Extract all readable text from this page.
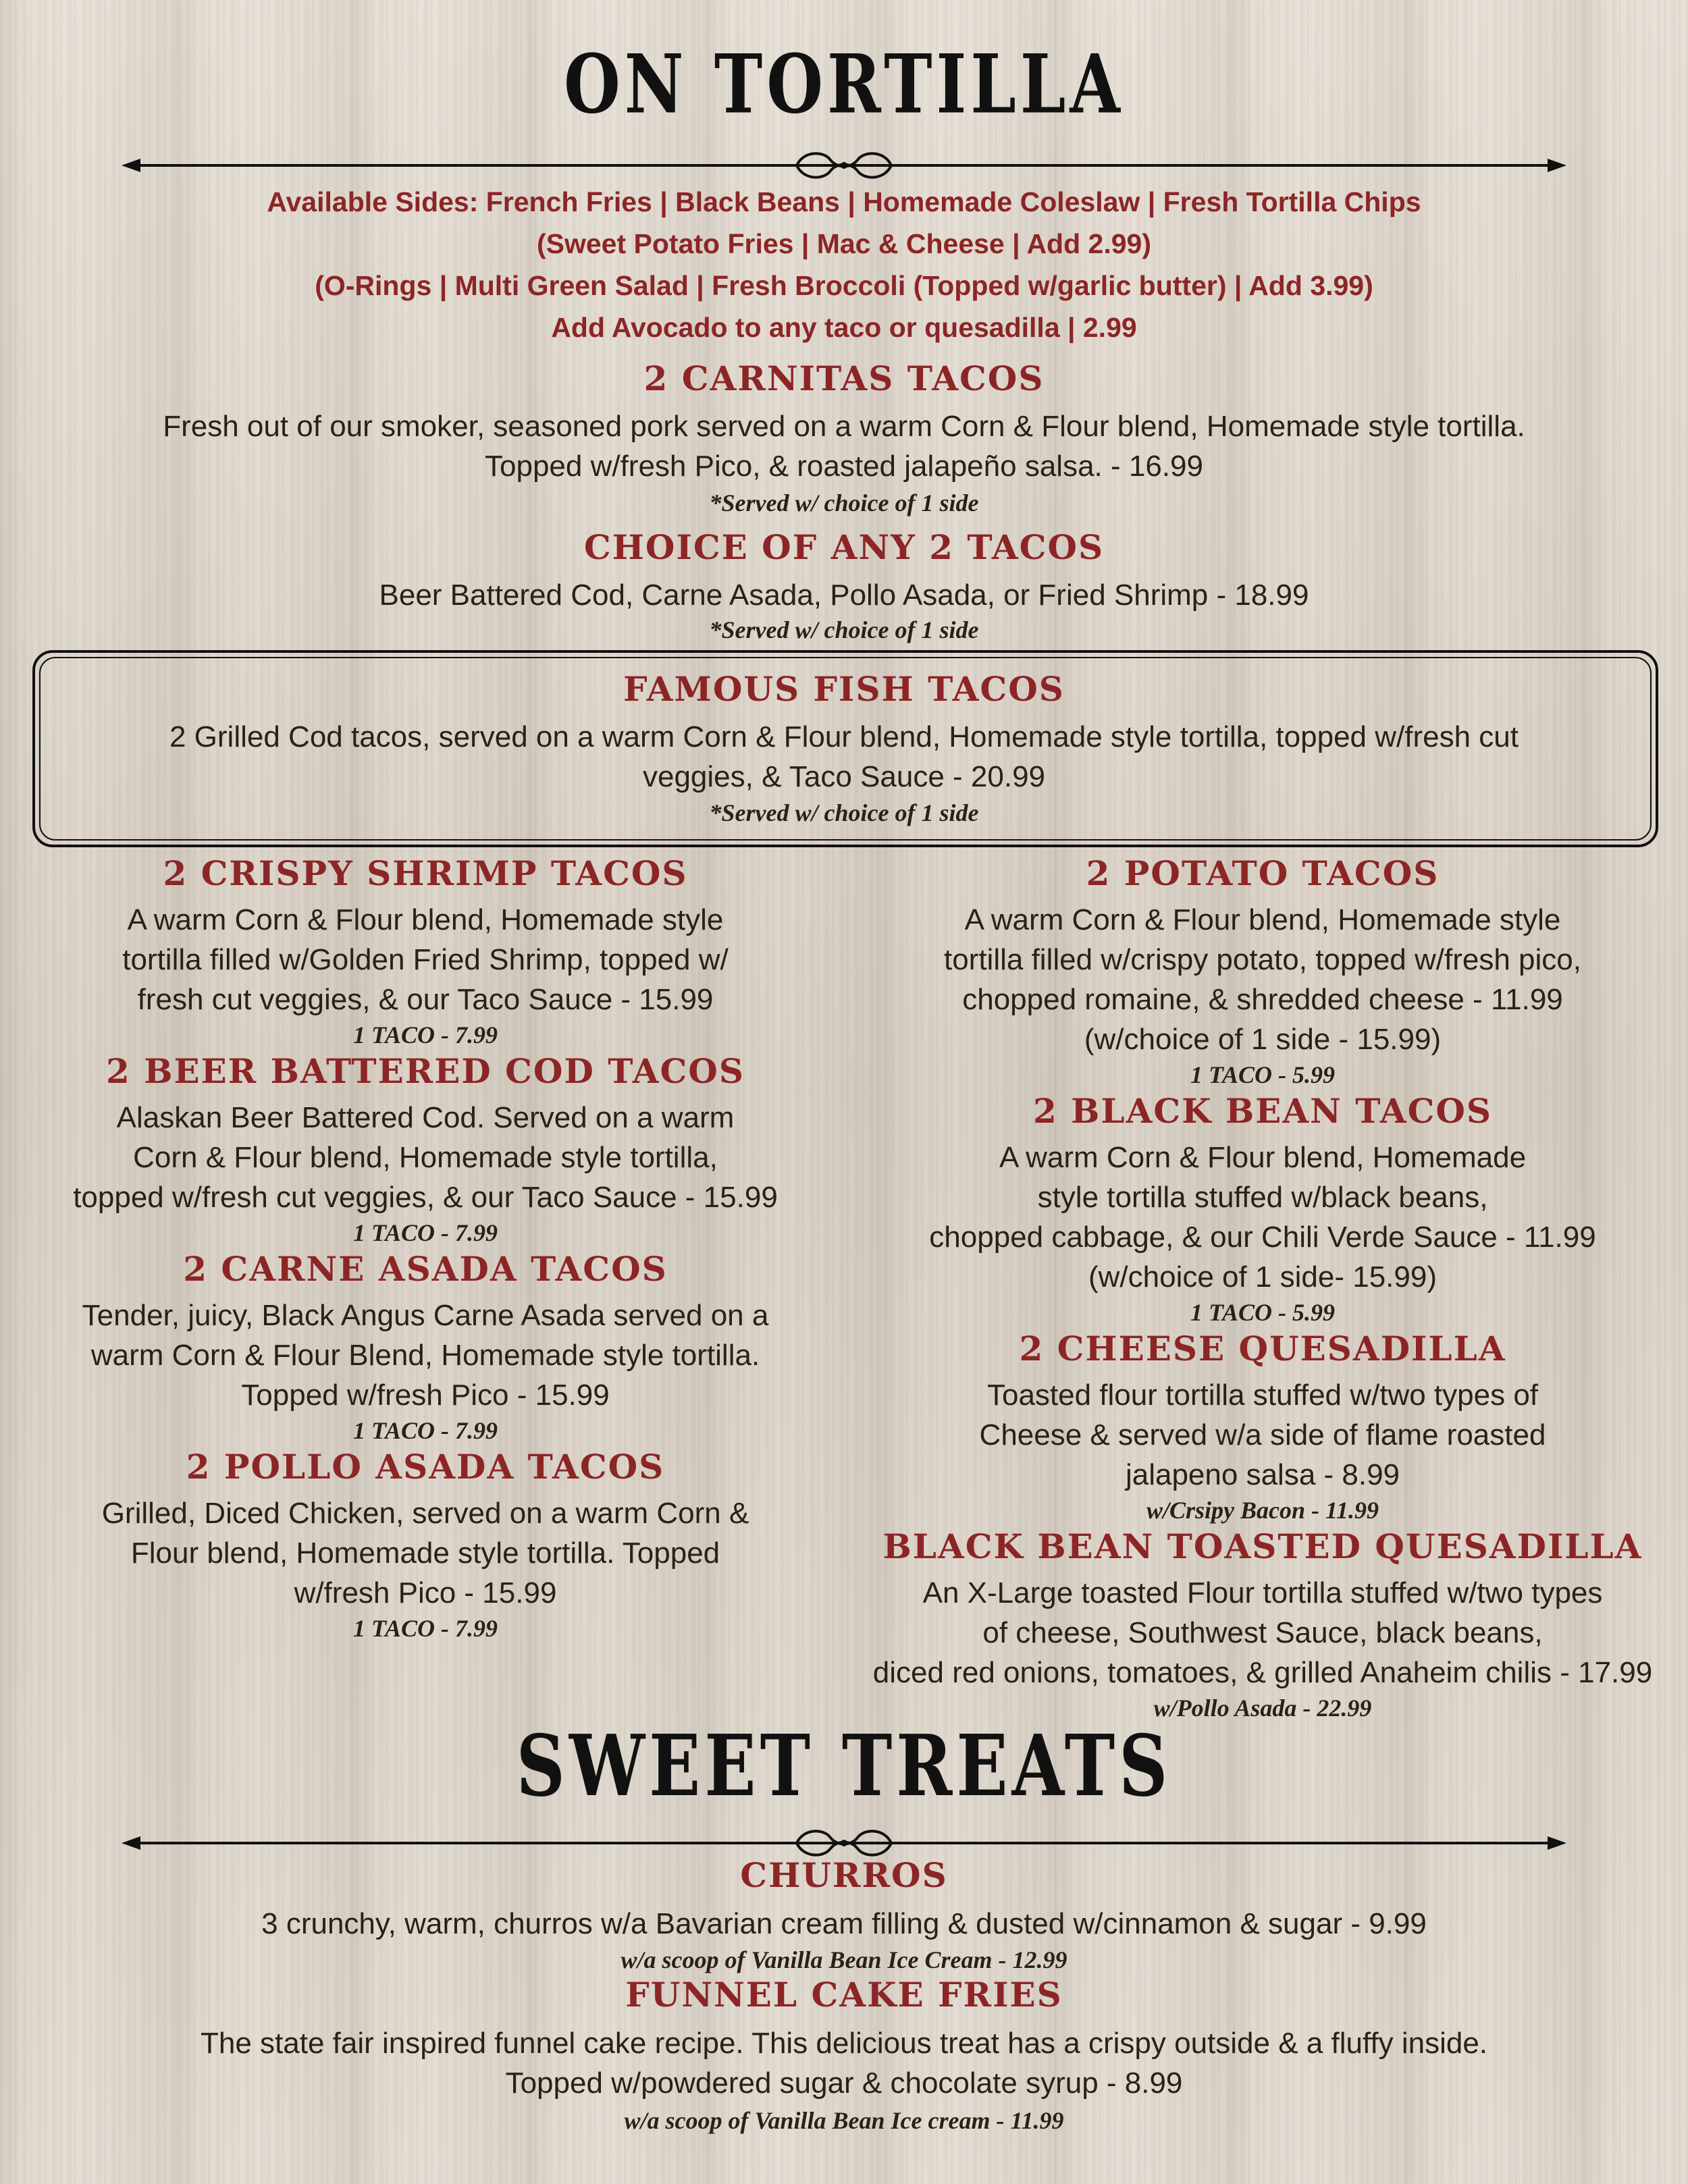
ON TORTILLA
Available Sides: French Fries | Black Beans | Homemade Coleslaw | Fresh Tortilla Chips
(Sweet Potato Fries | Mac & Cheese | Add 2.99)
(O-Rings | Multi Green Salad | Fresh Broccoli (Topped w/garlic butter) | Add 3.99)
Add Avocado to any taco or quesadilla | 2.99
2 CARNITAS TACOS
Fresh out of our smoker, seasoned pork served on a warm Corn & Flour blend, Homemade style tortilla.
Topped w/fresh Pico, & roasted jalapeño salsa. - 16.99
*Served w/ choice of 1 side
CHOICE OF ANY 2 TACOS
Beer Battered Cod, Carne Asada, Pollo Asada, or Fried Shrimp - 18.99
*Served w/ choice of 1 side
FAMOUS FISH TACOS
2 Grilled Cod tacos, served on a warm Corn & Flour blend, Homemade style tortilla, topped w/fresh cut
veggies, & Taco Sauce - 20.99
*Served w/ choice of 1 side
2 CRISPY SHRIMP TACOS
A warm Corn & Flour blend, Homemade style
tortilla filled w/Golden Fried Shrimp, topped w/
fresh cut veggies, & our Taco Sauce - 15.99
1 TACO - 7.99
2 BEER BATTERED COD TACOS
Alaskan Beer Battered Cod. Served on a warm
Corn & Flour blend, Homemade style tortilla,
topped w/fresh cut veggies, & our Taco Sauce - 15.99
1 TACO - 7.99
2 CARNE ASADA TACOS
Tender, juicy, Black Angus Carne Asada served on a
warm Corn & Flour Blend, Homemade style tortilla.
Topped w/fresh Pico - 15.99
1 TACO - 7.99
2 POLLO ASADA TACOS
Grilled, Diced Chicken, served on a warm Corn &
Flour blend, Homemade style tortilla. Topped
w/fresh Pico - 15.99
1 TACO - 7.99
2 POTATO TACOS
A warm Corn & Flour blend, Homemade style
tortilla filled w/crispy potato, topped w/fresh pico,
chopped romaine, & shredded cheese - 11.99
(w/choice of 1 side - 15.99)
1 TACO - 5.99
2 BLACK BEAN TACOS
A warm Corn & Flour blend, Homemade
style tortilla stuffed w/black beans,
chopped cabbage, & our Chili Verde Sauce - 11.99
(w/choice of 1 side- 15.99)
1 TACO - 5.99
2 CHEESE QUESADILLA
Toasted flour tortilla stuffed w/two types of
Cheese & served w/a side of flame roasted
jalapeno salsa - 8.99
w/Crsipy Bacon - 11.99
BLACK BEAN TOASTED QUESADILLA
An X-Large toasted Flour tortilla stuffed w/two types
of cheese, Southwest Sauce, black beans,
diced red onions, tomatoes, & grilled Anaheim chilis - 17.99
w/Pollo Asada - 22.99
SWEET TREATS
CHURROS
3 crunchy, warm, churros w/a Bavarian cream filling & dusted w/cinnamon & sugar - 9.99
w/a scoop of Vanilla Bean Ice Cream - 12.99
FUNNEL CAKE FRIES
The state fair inspired funnel cake recipe. This delicious treat has a crispy outside & a fluffy inside.
Topped w/powdered sugar & chocolate syrup - 8.99
w/a scoop of Vanilla Bean Ice cream - 11.99
